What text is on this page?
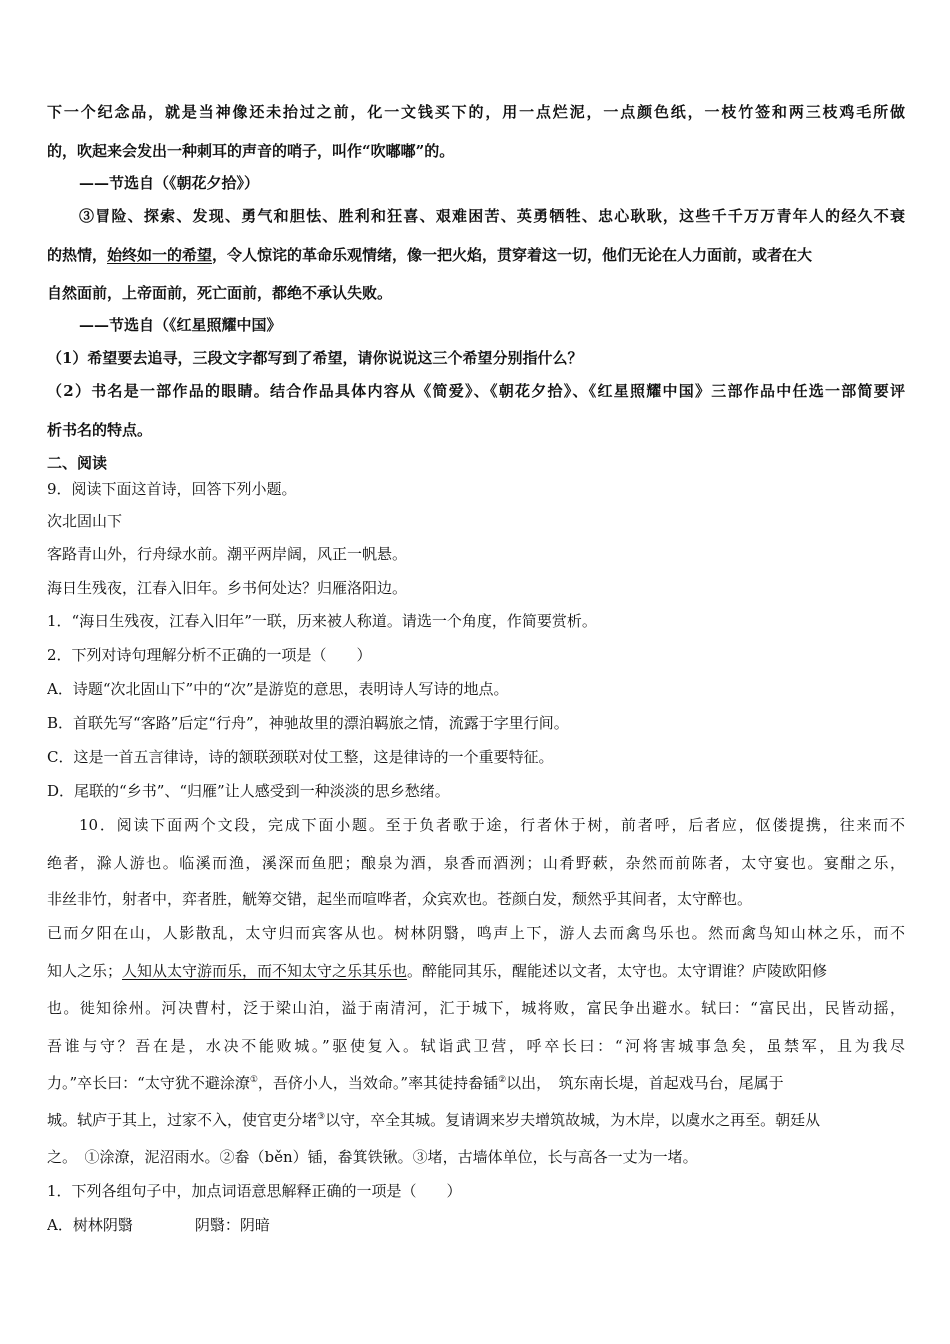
下一个纪念品，就是当神像还未抬过之前，化一文钱买下的，用一点烂泥，一点颜色纸，一枝竹签和两三枝鸡毛所做
的，吹起来会发出一种刺耳的声音的哨子，叫作“吹嘟嘟”的。
——节选自（《朝花夕拾》）
③冒险、探索、发现、勇气和胆怯、胜利和狂喜、艰难困苦、英勇牺牲、忠心耿耿，这些千千万万青年人的经久不衰
的热情，始终如一的希望，令人惊诧的革命乐观情绪，像一把火焰，贯穿着这一切，他们无论在人力面前，或者在大
自然面前，上帝面前，死亡面前，都绝不承认失败。
——节选自（《红星照耀中国》
（1）希望要去追寻，三段文字都写到了希望，请你说说这三个希望分别指什么？
（2）书名是一部作品的眼睛。结合作品具体内容从《简爱》、《朝花夕拾》、《红星照耀中国》三部作品中任选一部简要评
析书名的特点。
二、阅读
9．阅读下面这首诗，回答下列小题。
次北固山下
客路青山外，行舟绿水前。潮平两岸阔，风正一帆悬。
海日生残夜，江春入旧年。乡书何处达？归雁洛阳边。
1．“海日生残夜，江春入旧年”一联，历来被人称道。请选一个角度，作简要赏析。
2．下列对诗句理解分析不正确的一项是（　　）
A．诗题“次北固山下”中的“次”是游览的意思，表明诗人写诗的地点。
B．首联先写“客路”后定“行舟”，神驰故里的漂泊羁旅之情，流露于字里行间。
C．这是一首五言律诗，诗的颔联颈联对仗工整，这是律诗的一个重要特征。
D．尾联的“乡书”、“归雁”让人感受到一种淡淡的思乡愁绪。
10．阅读下面两个文段，完成下面小题。至于负者歌于途，行者休于树，前者呼，后者应，伛偻提携，往来而不
绝者，滁人游也。临溪而渔，溪深而鱼肥；酿泉为酒，泉香而酒洌；山肴野蔌，杂然而前陈者，太守宴也。宴酣之乐，
非丝非竹，射者中，弈者胜，觥筹交错，起坐而喧哗者，众宾欢也。苍颜白发，颓然乎其间者，太守醉也。
已而夕阳在山，人影散乱，太守归而宾客从也。树林阴翳，鸣声上下，游人去而禽鸟乐也。然而禽鸟知山林之乐，而不
知人之乐；人知从太守游而乐，而不知太守之乐其乐也。醉能同其乐，醒能述以文者，太守也。太守谓谁？庐陵欧阳修
也。徙知徐州。河决曹村，泛于梁山泊，溢于南清河，汇于城下，城将败，富民争出避水。轼曰：“富民出，民皆动摇，
吾谁与守？吾在是，水决不能败城。”驱使复入。轼诣武卫营，呼卒长曰：“河将害城事急矣，虽禁军，且为我尽
力。”卒长曰：“太守犹不避涂潦①，吾侪小人，当效命。”率其徒持畚锸②以出，　筑东南长堤，首起戏马台，尾属于
城。轼庐于其上，过家不入，使官吏分堵③以守，卒全其城。复请调来岁夫增筑故城，为木岸，以虞水之再至。朝廷从
之。　①涂潦，泥沼雨水。②畚（běn）锸，畚箕铁锹。③堵，古墙体单位，长与高各一丈为一堵。
1．下列各组句子中，加点词语意思解释正确的一项是（　　）
A．树林阴翳	阴翳：阴暗
